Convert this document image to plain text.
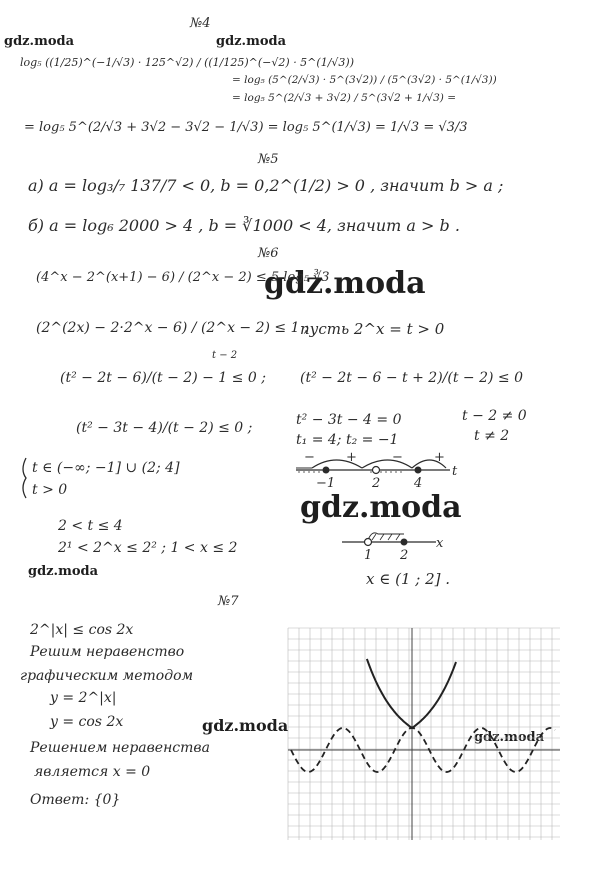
gdz.moda	gdz.moda
gdz.moda
gdz.moda
gdz.moda
gdz.moda
gdz.moda
№4
log₅ ((1/25)^(−1/√3) · 125^√2) / ((1/125)^(−√2) · 5^(1/√3))
= log₅ (5^(2/√3) · 5^(3√2)) / (5^(3√2) · 5^(1/√3))
= log₅ 5^(2/√3 + 3√2) / 5^(3√2 + 1/√3) =
= log₅ 5^(2/√3 + 3√2 − 3√2 − 1/√3) = log₅ 5^(1/√3) = 1/√3 = √3/3
№5
а) a = log₃/₇ 137/7 < 0, b = 0,2^(1/2) > 0 , значит b > a ;
б) a = log₆ 2000 > 4 , b = ∛1000 < 4, значит a > b .
№6
(4^x − 2^(x+1) − 6) / (2^x − 2) ≤ 5 log₅ ∛3
(2^(2x) − 2·2^x − 6) / (2^x − 2) ≤ 1 ;
пусть 2^x = t > 0
(t² − 2t − 6)/(t − 2) − 1 ≤ 0 ;
t − 2
(t² − 2t − 6 − t + 2)/(t − 2) ≤ 0
(t² − 3t − 4)/(t − 2) ≤ 0 ;	t² − 3t − 4 = 0
t₁ = 4; t₂ = −1
t − 2 ≠ 0
t ≠ 2
− +	− +
−1	2	4
t
t ∈ (−∞; −1] ∪ (2; 4]
t > 0
2 < t ≤ 4
2¹ < 2^x ≤ 2² ; 1 < x ≤ 2	1 2
x
x ∈ (1 ; 2] .
№7
2^|x| ≤ cos 2x
Решим неравенство
графическим методом
y = 2^|x|
y = cos 2x
Решением неравенства
является x = 0
Ответ: {0}
